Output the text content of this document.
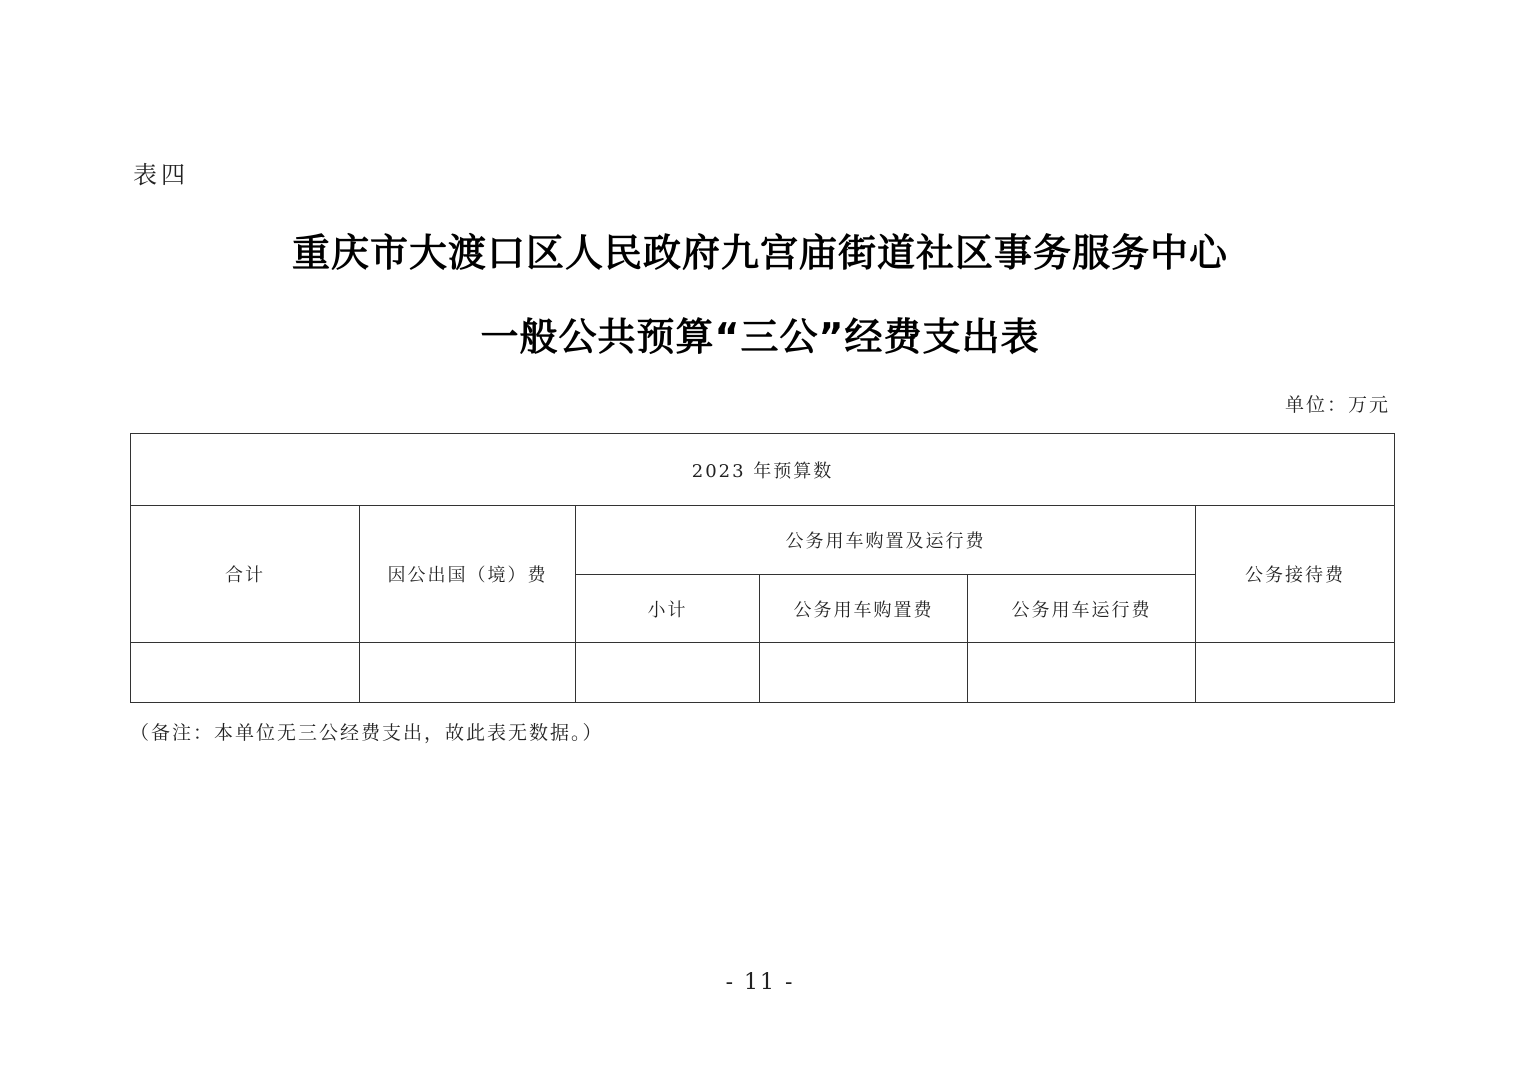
表四
重庆市大渡口区人民政府九宫庙街道社区事务服务中心
一般公共预算“三公”经费支出表
单位：万元
2023 年预算数					
合计	因公出国（境）费	公务用车购置及运行费			公务接待费
		小计	公务用车购置费	公务用车运行费	

（备注：本单位无三公经费支出，故此表无数据。）
- 11 -
